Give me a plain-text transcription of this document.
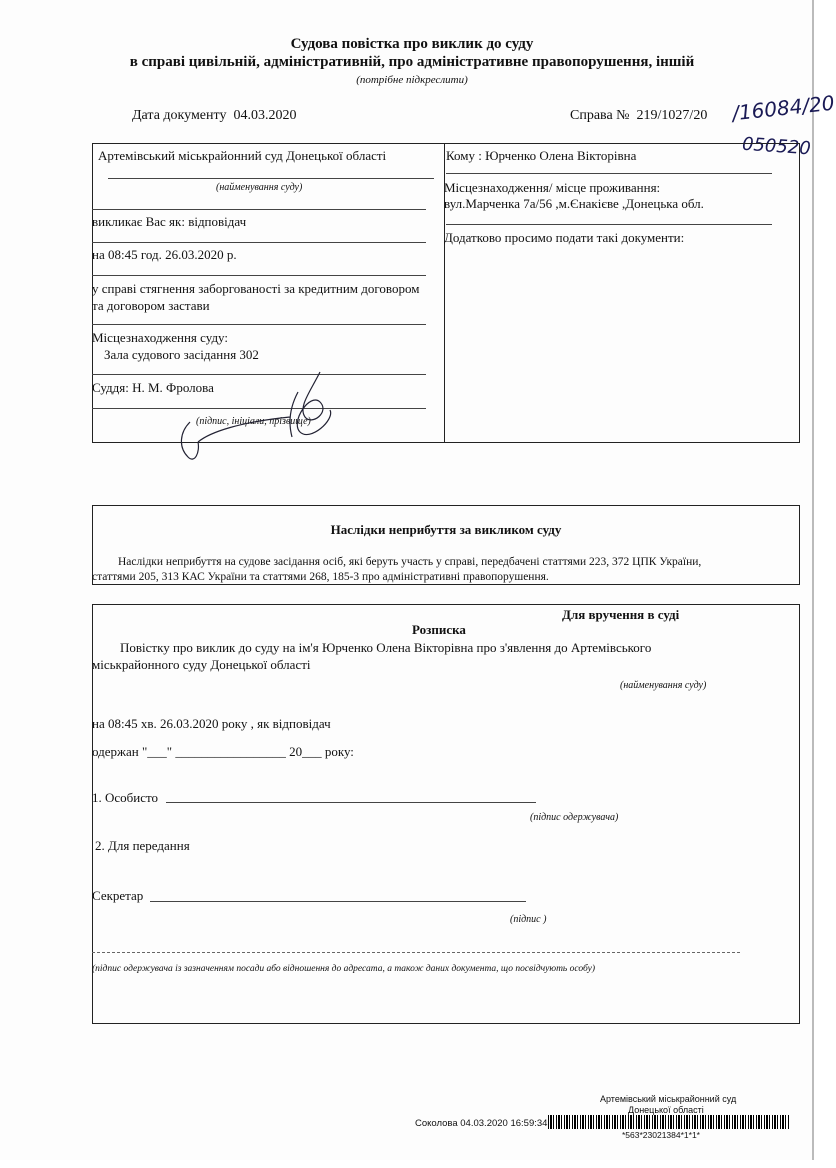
Судова повістка про виклик до суду
в справі цивільній, адміністративній, про адміністративне правопорушення, іншій
(потрібне підкреслити)
Дата документу 04.03.2020	Справа № 219/1027/20 /16084/20
050520
Артемівський міськрайонний суд Донецької області
(найменування суду)
викликає Вас як: відповідач
на 08:45 год. 26.03.2020 р.
у справі стягнення заборгованості за кредитним договором
та договором застави
Місцезнаходження суду:
Зала судового засідання 302
Суддя: Н. М. Фролова
(підпис, ініціали, прізвище)
Кому : Юрченко Олена Вікторівна
Місцезнаходження/ місце проживання:
вул.Марченка 7а/56 ,м.Єнакієве ,Донецька обл.
Додатково просимо подати такі документи:
Наслідки неприбуття за викликом суду
Наслідки неприбуття на судове засідання осіб, які беруть участь у справі, передбачені статтями 223, 372 ЦПК України,
статтями 205, 313 КАС України та статтями 268, 185-3 про адміністративні правопорушення.
Для вручення в суді
Розписка
Повістку про виклик до суду на ім'я Юрченко Олена Вікторівна про з'явлення до Артемівського
міськрайонного суду Донецької області
(найменування суду)
на 08:45 хв. 26.03.2020 року , як відповідач
одержан "___" _________________ 20___ року:
1. Особисто
(підпис одержувача)
2. Для передання
Секретар
(підпис )
(підпис одержувача із зазначенням посади або відношення до адресата, а також даних документа, що посвідчують особу)
Артемівський міськрайонний суд
Донецької області
Соколова 04.03.2020 16:59:34
*563*23021384*1*1*
